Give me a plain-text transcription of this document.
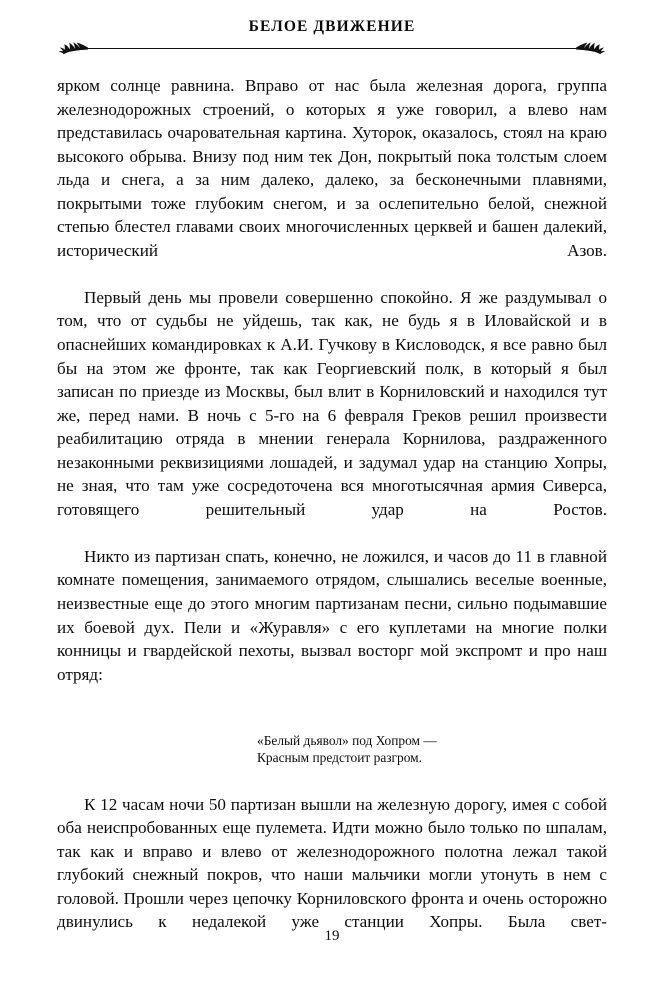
БЕЛОЕ ДВИЖЕНИЕ

ярком солнце равнина. Вправо от нас была железная дорога, группа железнодорожных строений, о которых я уже говорил, а влево нам представилась очаровательная картина. Хуторок, оказалось, стоял на краю высокого обрыва. Внизу под ним тек Дон, покрытый пока толстым слоем льда и снега, а за ним далеко, далеко, за бесконечными плавнями, покрытыми тоже глубоким снегом, и за ослепительно белой, снежной степью блестел главами своих многочисленных церквей и башен далекий, исторический Азов.

Первый день мы провели совершенно спокойно. Я же раздумывал о том, что от судьбы не уйдешь, так как, не будь я в Иловайской и в опаснейших командировках к А.И. Гучкову в Кисловодск, я все равно был бы на этом же фронте, так как Георгиевский полк, в который я был записан по приезде из Москвы, был влит в Корниловский и находился тут же, перед нами. В ночь с 5-го на 6 февраля Греков решил произвести реабилитацию отряда в мнении генерала Корнилова, раздраженного незаконными реквизициями лошадей, и задумал удар на станцию Хопры, не зная, что там уже сосредоточена вся многотысячная армия Сиверса, готовящего решительный удар на Ростов.

Никто из партизан спать, конечно, не ложился, и часов до 11 в главной комнате помещения, занимаемого отрядом, слышались веселые военные, неизвестные еще до этого многим партизанам песни, сильно подымавшие их боевой дух. Пели и «Журавля» с его куплетами на многие полки конницы и гвардейской пехоты, вызвал восторг мой экспромт и про наш отряд:

«Белый дьявол» под Хопром —
Красным предстоит разгром.

К 12 часам ночи 50 партизан вышли на железную дорогу, имея с собой оба неиспробованных еще пулемета. Идти можно было только по шпалам, так как и вправо и влево от железнодорожного полотна лежал такой глубокий снежный покров, что наши мальчики могли утонуть в нем с головой. Прошли через цепочку Корниловского фронта и очень осторожно двинулись к недалекой уже станции Хопры. Была свет-

19
